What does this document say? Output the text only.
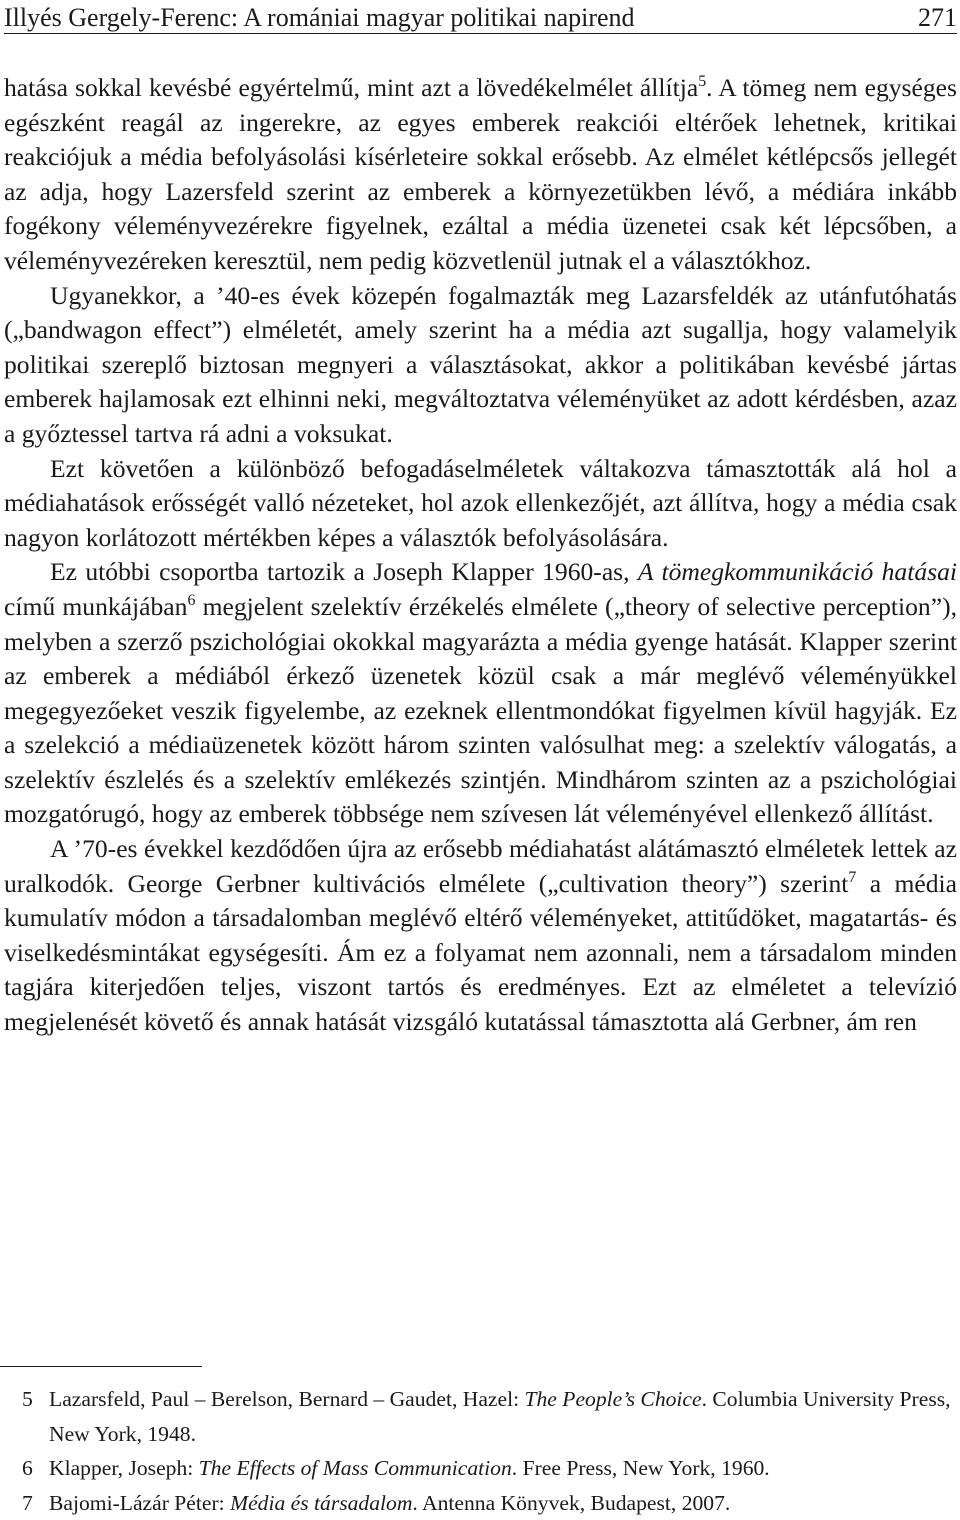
Illyés Gergely-Ferenc: A romániai magyar politikai napirend	271

hatása sokkal kevésbé egyértelmű, mint azt a lövedékelmélet állítja$^5$. A tömeg nem egységes egészként reagál az ingerekre, az egyes emberek reakciói eltérőek lehetnek, kritikai reakciójuk a média befolyásolási kísérleteire sokkal erősebb. Az elmélet kétlépcsős jellegét az adja, hogy Lazersfeld szerint az emberek a környezetükben lévő, a médiára inkább fogékony véleményvezérekre figyelnek, ezáltal a média üzenetei csak két lépcsőben, a véleményvezéreken keresztül, nem pedig közvetlenül jutnak el a választókhoz.

Ugyanekkor, a ’40-es évek közepén fogalmazták meg Lazarsfeldék az utánfutóhatás („bandwagon effect”) elméletét, amely szerint ha a média azt sugallja, hogy valamelyik politikai szereplő biztosan megnyeri a választásokat, akkor a politikában kevésbé jártas emberek hajlamosak ezt elhinni neki, megváltoztatva véleményüket az adott kérdésben, azaz a győztessel tartva rá adni a voksukat.

Ezt követően a különböző befogadáselméletek váltakozva támasztották alá hol a médiahatások erősségét valló nézeteket, hol azok ellenkezőjét, azt állítva, hogy a média csak nagyon korlátozott mértékben képes a választók befolyásolására.

Ez utóbbi csoportba tartozik a Joseph Klapper 1960-as, A tömegkommunikáció hatásai című munkájában$^6$ megjelent szelektív érzékelés elmélete („theory of selective perception”), melyben a szerző pszichológiai okokkal magyarázta a média gyenge hatását. Klapper szerint az emberek a médiából érkező üzenetek közül csak a már meglévő véleményükkel megegyezőeket veszik figyelembe, az ezeknek ellentmondókat figyelmen kívül hagyják. Ez a szelekció a médiaüzenetek között három szinten valósulhat meg: a szelektív válogatás, a szelektív észlelés és a szelektív emlékezés szintjén. Mindhárom szinten az a pszichológiai mozgatórugó, hogy az emberek többsége nem szívesen lát véleményével ellenkező állítást.

A ’70-es évekkel kezdődően újra az erősebb médiahatást alátámasztó elméletek lettek az uralkodók. George Gerbner kultivációs elmélete („cultivation theory”) szerint$^7$ a média kumulatív módon a társadalomban meglévő eltérő véleményeket, attitűdöket, magatartás- és viselkedésmintákat egységesíti. Ám ez a folyamat nem azonnali, nem a társadalom minden tagjára kiterjedően teljes, viszont tartós és eredményes. Ezt az elméletet a televízió megjelenését követő és annak hatását vizsgáló kutatással támasztotta alá Gerbner, ám ren

5 Lazarsfeld, Paul – Berelson, Bernard – Gaudet, Hazel: The People’s Choice. Columbia University Press, New York, 1948.
6 Klapper, Joseph: The Effects of Mass Communication. Free Press, New York, 1960.
7 Bajomi-Lázár Péter: Média és társadalom. Antenna Könyvek, Budapest, 2007.
